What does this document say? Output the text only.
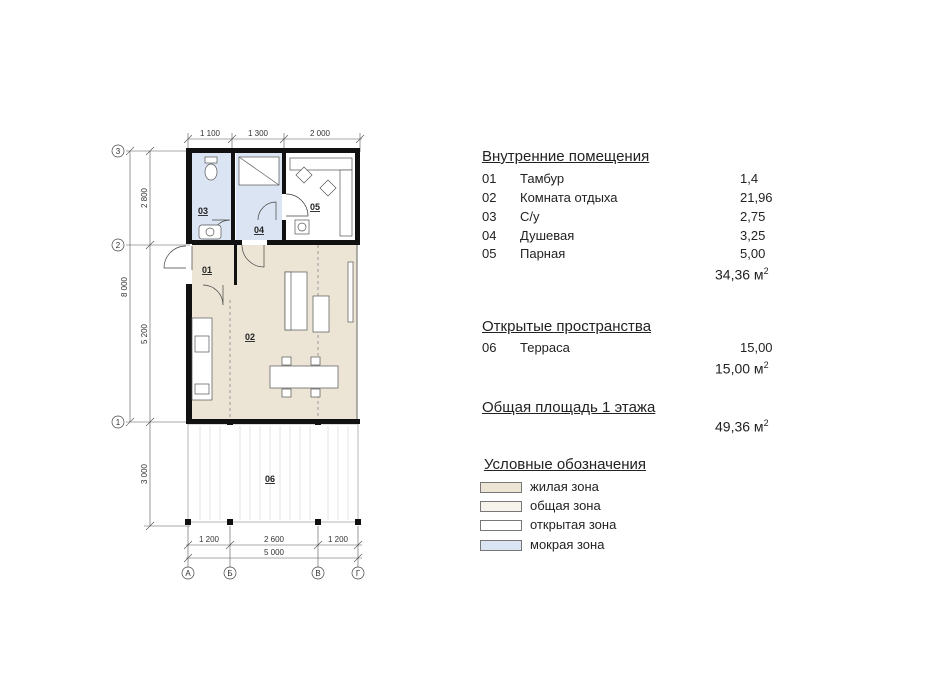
3
2
1
А	Б	В	Г
1 100	1 300	2 000
2 800
8 000
5 200
3 000
1 200	2 600	1 200
5 000
03
04
05
01
02
06
Внутренние помещения
01 Тамбур	1,4
02 Комната отдыха	21,96
03 С/у	2,75
04 Душевая	3,25
05 Парная	5,00
34,36 $м^2$
Открытые пространства
06 Терраса	15,00
15,00 $м^2$
Общая площадь 1 этажа
49,36 $м^2$
Условные обозначения
жилая зона
общая зона
открытая зона
мокрая зона
